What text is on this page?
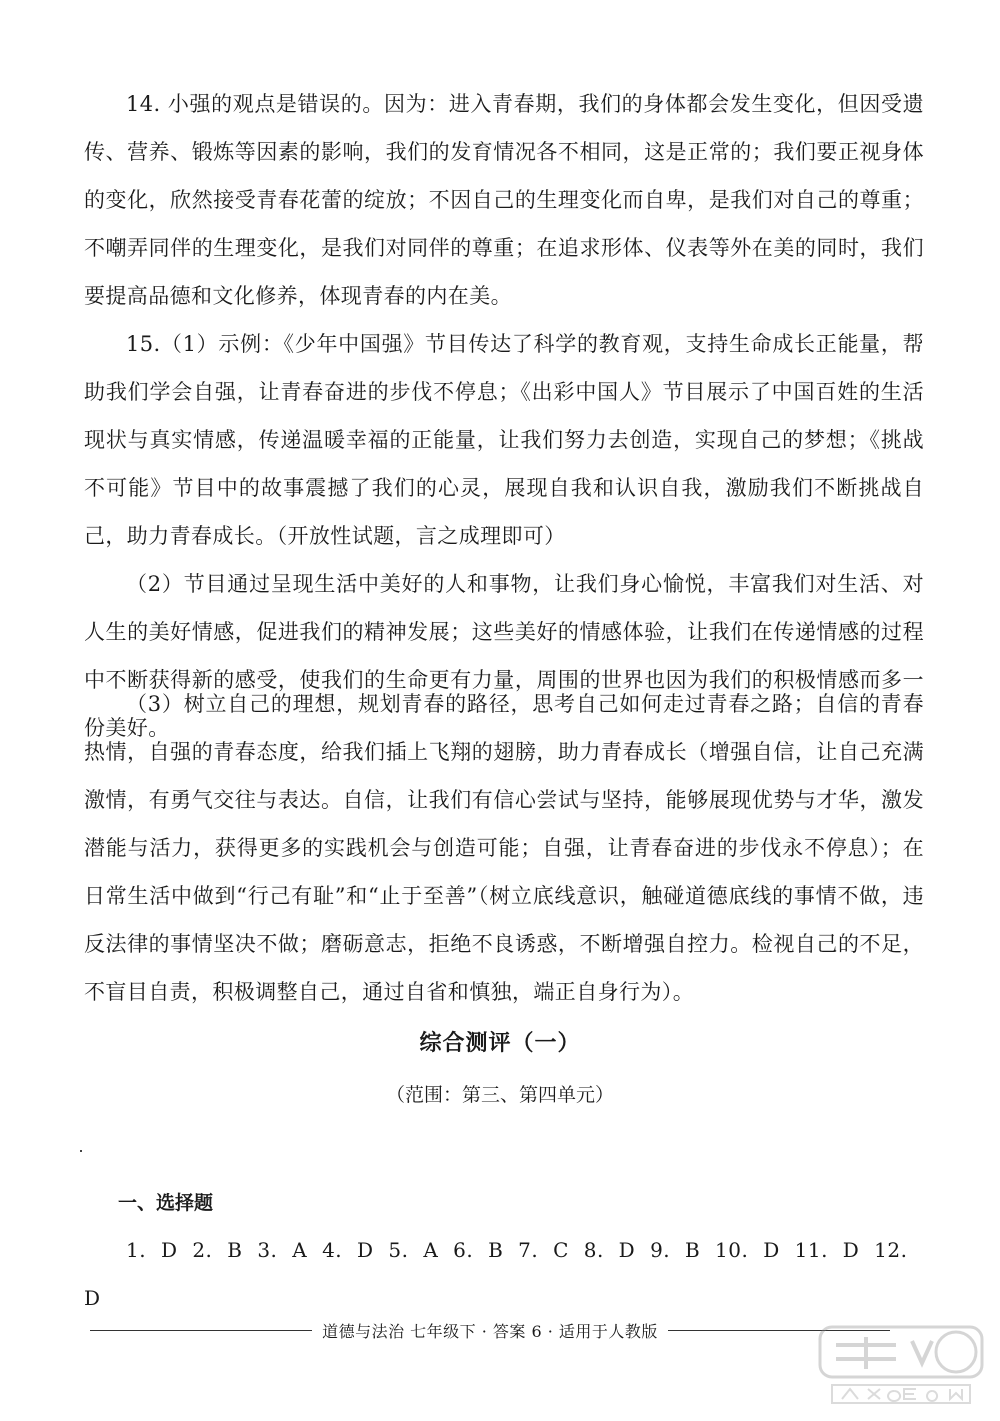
14. 小强的观点是错误的。因为：进入青春期，我们的身体都会发生变化，但因受遗传、营养、锻炼等因素的影响，我们的发育情况各不相同，这是正常的；我们要正视身体的变化，欣然接受青春花蕾的绽放；不因自己的生理变化而自卑，是我们对自己的尊重；不嘲弄同伴的生理变化，是我们对同伴的尊重；在追求形体、仪表等外在美的同时，我们要提高品德和文化修养，体现青春的内在美。

15.（1）示例：《少年中国强》节目传达了科学的教育观，支持生命成长正能量，帮助我们学会自强，让青春奋进的步伐不停息；《出彩中国人》节目展示了中国百姓的生活现状与真实情感，传递温暖幸福的正能量，让我们努力去创造，实现自己的梦想；《挑战不可能》节目中的故事震撼了我们的心灵，展现自我和认识自我，激励我们不断挑战自己，助力青春成长。（开放性试题，言之成理即可）

（2）节目通过呈现生活中美好的人和事物，让我们身心愉悦，丰富我们对生活、对人生的美好情感，促进我们的精神发展；这些美好的情感体验，让我们在传递情感的过程中不断获得新的感受，使我们的生命更有力量，周围的世界也因为我们的积极情感而多一份美好。

（3）树立自己的理想，规划青春的路径，思考自己如何走过青春之路；自信的青春热情，自强的青春态度，给我们插上飞翔的翅膀，助力青春成长（增强自信，让自己充满激情，有勇气交往与表达。自信，让我们有信心尝试与坚持，能够展现优势与才华，激发潜能与活力，获得更多的实践机会与创造可能；自强，让青春奋进的步伐永不停息）；在日常生活中做到“行己有耻”和“止于至善”（树立底线意识，触碰道德底线的事情不做，违反法律的事情坚决不做；磨砺意志，拒绝不良诱惑，不断增强自控力。检视自己的不足，不盲目自责，积极调整自己，通过自省和慎独，端正自身行为）。

综合测评（一）

（范围：第三、第四单元）

一、选择题

1. D 2. B 3. A 4. D 5. A 6. B 7. C 8. D 9. B 10. D 11. D 12. D

道德与法治 七年级下 · 答案 6 · 适用于人教版
